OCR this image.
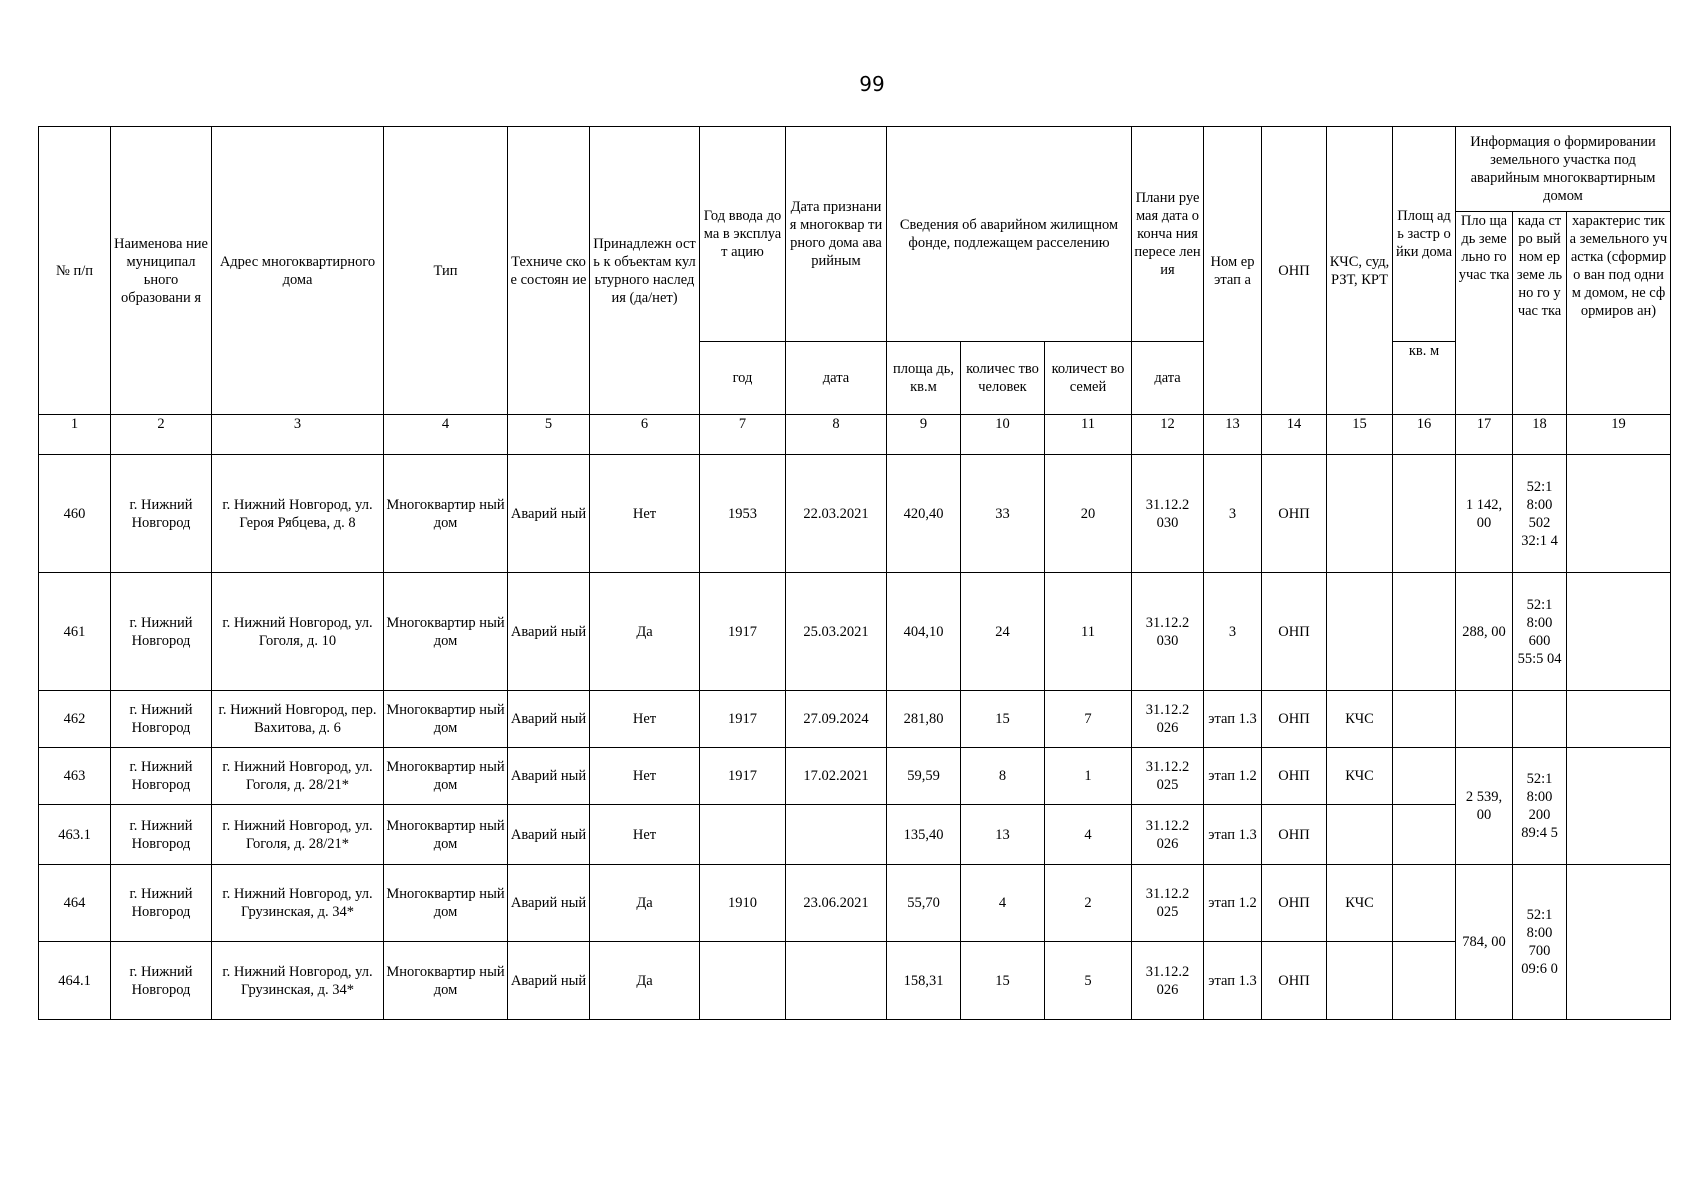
99
№ п/п	Наименова ние муниципал ьного образовани я	Адрес многоквартирного дома	Тип	Техниче ское состоян ие	Принадлежн ость к объектам культурного наследия (да/нет)	Год ввода дома в эксплуат ацию	Дата признания многоквар тирного дома аварийным	Сведения об аварийном жилищном фонде, подлежащем расселению			Плани руемая дата оконча ния пересе ления	Ном ер этап а	ОНП	КЧС, суд, РЗТ, КРТ	Площ адь застр ойки дома	Информация о формировании земельного участка под аварийным многоквартирным домом		
																Пло щадь земе льно го учас тка	када стро вый ном ер земе льно го учас тка	характерис тика земельного участка (сформиро ван под одним домом, не сформиров ан)
						год	дата	площа дь, кв.м	количес тво человек	количест во семей	дата				кв. м			
1	2	3	4	5	6	7	8	9	10	11	12	13	14	15	16	17	18	19
460	г. Нижний Новгород	г. Нижний Новгород, ул. Героя Рябцева, д. 8	Многоквартир ный дом	Аварий ный	Нет	1953	22.03.2021	420,40	33	20	31.12.2 030	3	ОНП			1 142, 00	52:1 8:00 502 32:1 4	
461	г. Нижний Новгород	г. Нижний Новгород, ул. Гоголя, д. 10	Многоквартир ный дом	Аварий ный	Да	1917	25.03.2021	404,10	24	11	31.12.2 030	3	ОНП			288, 00	52:1 8:00 600 55:5 04	
462	г. Нижний Новгород	г. Нижний Новгород, пер. Вахитова, д. 6	Многоквартир ный дом	Аварий ный	Нет	1917	27.09.2024	281,80	15	7	31.12.2 026	этап 1.3	ОНП	КЧС				
463	г. Нижний Новгород	г. Нижний Новгород, ул. Гоголя, д. 28/21*	Многоквартир ный дом	Аварий ный	Нет	1917	17.02.2021	59,59	8	1	31.12.2 025	этап 1.2	ОНП	КЧС		2 539, 00	52:1 8:00 200 89:4 5	
463.1	г. Нижний Новгород	г. Нижний Новгород, ул. Гоголя, д. 28/21*	Многоквартир ный дом	Аварий ный	Нет			135,40	13	4	31.12.2 026	этап 1.3	ОНП					
464	г. Нижний Новгород	г. Нижний Новгород, ул. Грузинская, д. 34*	Многоквартир ный дом	Аварий ный	Да	1910	23.06.2021	55,70	4	2	31.12.2 025	этап 1.2	ОНП	КЧС		784, 00	52:1 8:00 700 09:6 0	
464.1	г. Нижний Новгород	г. Нижний Новгород, ул. Грузинская, д. 34*	Многоквартир ный дом	Аварий ный	Да			158,31	15	5	31.12.2 026	этап 1.3	ОНП					
